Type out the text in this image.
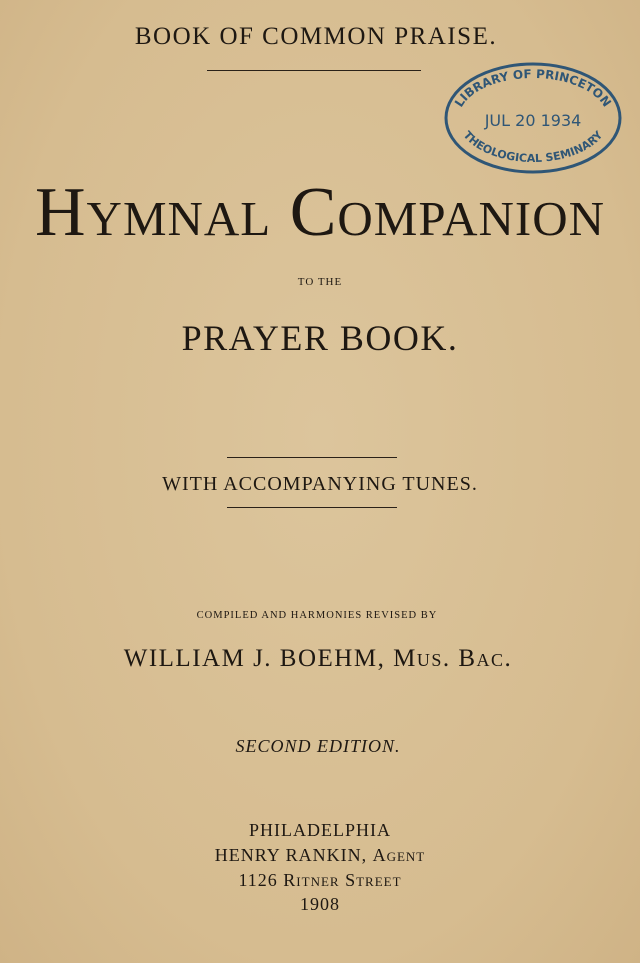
BOOK OF COMMON PRAISE.
Hymnal Companion
TO THE
PRAYER BOOK.
WITH ACCOMPANYING TUNES.
COMPILED AND HARMONIES REVISED BY
WILLIAM J. BOEHM, Mus. Bac.
SECOND EDITION.
PHILADELPHIA
HENRY RANKIN, Agent
1126 Ritner Street
1908
LIBRARY OF PRINCETON
JUL 20 1934
THEOLOGICAL SEMINARY
